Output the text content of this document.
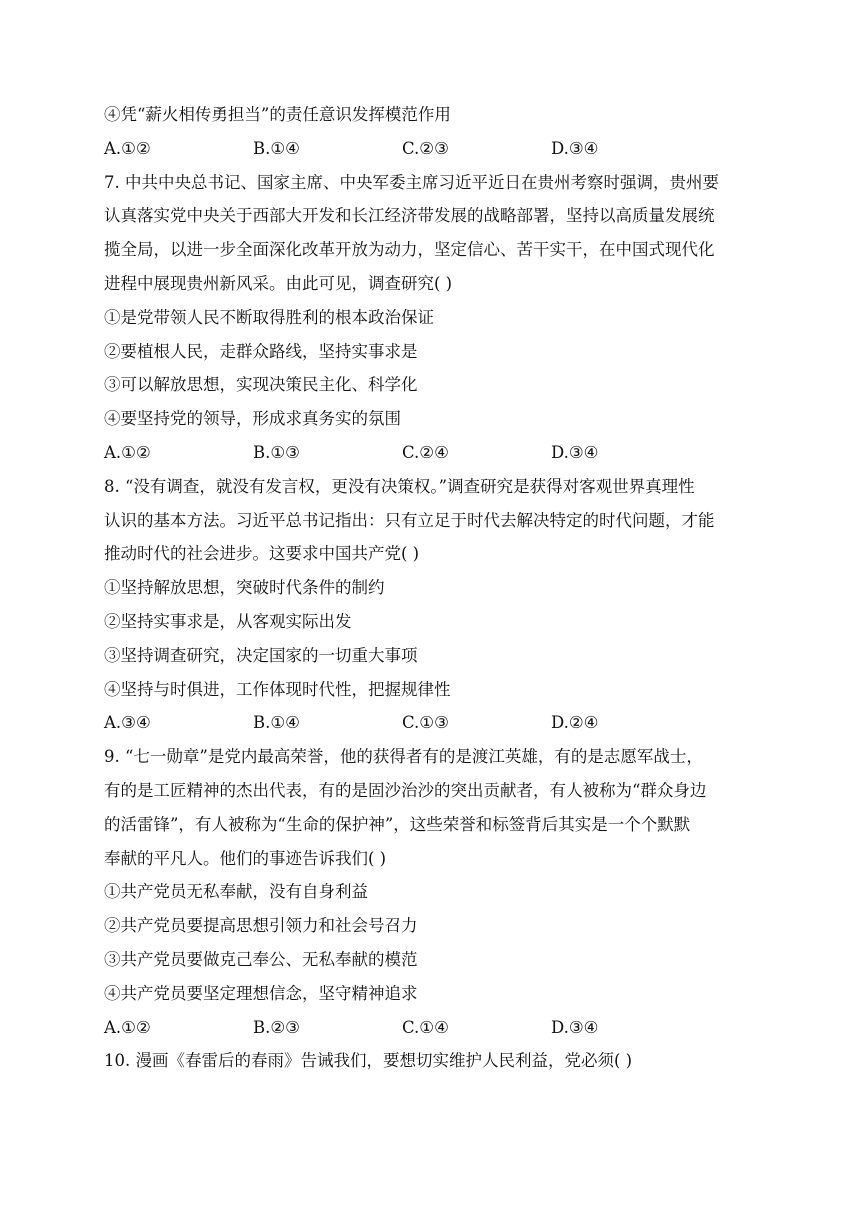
④凭“薪火相传勇担当”的责任意识发挥模范作用
A.①②	B.①④	C.②③	D.③④
7. 中共中央总书记、国家主席、中央军委主席习近平近日在贵州考察时强调，贵州要
认真落实党中央关于西部大开发和长江经济带发展的战略部署，坚持以高质量发展统
揽全局，以进一步全面深化改革开放为动力，坚定信心、苦干实干，在中国式现代化
进程中展现贵州新风采。由此可见，调查研究( )
①是党带领人民不断取得胜利的根本政治保证
②要植根人民，走群众路线，坚持实事求是
③可以解放思想，实现决策民主化、科学化
④要坚持党的领导，形成求真务实的氛围
A.①②	B.①③	C.②④	D.③④
8. “没有调查，就没有发言权，更没有决策权。”调查研究是获得对客观世界真理性
认识的基本方法。习近平总书记指出：只有立足于时代去解决特定的时代问题，才能
推动时代的社会进步。这要求中国共产党( )
①坚持解放思想，突破时代条件的制约
②坚持实事求是，从客观实际出发
③坚持调查研究，决定国家的一切重大事项
④坚持与时俱进，工作体现时代性，把握规律性
A.③④	B.①④	C.①③	D.②④
9. “七一勋章”是党内最高荣誉，他的获得者有的是渡江英雄，有的是志愿军战士，
有的是工匠精神的杰出代表，有的是固沙治沙的突出贡献者，有人被称为“群众身边
的活雷锋”，有人被称为“生命的保护神”，这些荣誉和标签背后其实是一个个默默
奉献的平凡人。他们的事迹告诉我们( )
①共产党员无私奉献，没有自身利益
②共产党员要提高思想引领力和社会号召力
③共产党员要做克己奉公、无私奉献的模范
④共产党员要坚定理想信念，坚守精神追求
A.①②	B.②③	C.①④	D.③④
10. 漫画《春雷后的春雨》告诫我们，要想切实维护人民利益，党必须( )
